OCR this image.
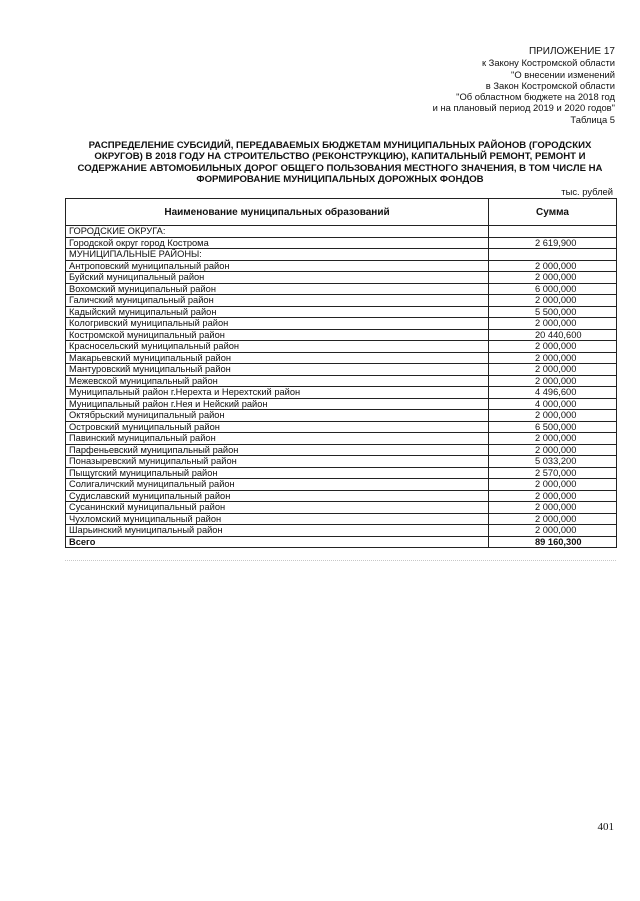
ПРИЛОЖЕНИЕ 17
к Закону Костромской области
"О внесении изменений
в Закон Костромской области
"Об областном бюджете на 2018 год
и на плановый период 2019 и 2020 годов"
Таблица 5
РАСПРЕДЕЛЕНИЕ СУБСИДИЙ, ПЕРЕДАВАЕМЫХ БЮДЖЕТАМ МУНИЦИПАЛЬНЫХ РАЙОНОВ (ГОРОДСКИХ
ОКРУГОВ) В 2018 ГОДУ НА СТРОИТЕЛЬСТВО (РЕКОНСТРУКЦИЮ), КАПИТАЛЬНЫЙ РЕМОНТ, РЕМОНТ И
СОДЕРЖАНИЕ АВТОМОБИЛЬНЫХ ДОРОГ ОБЩЕГО ПОЛЬЗОВАНИЯ МЕСТНОГО ЗНАЧЕНИЯ, В ТОМ ЧИСЛЕ НА
ФОРМИРОВАНИЕ МУНИЦИПАЛЬНЫХ ДОРОЖНЫХ ФОНДОВ
тыс. рублей
Наименование муниципальных образований	Сумма
ГОРОДСКИЕ ОКРУГА:	
Городской округ город Кострома	2 619,900
МУНИЦИПАЛЬНЫЕ РАЙОНЫ:	
Антроповский муниципальный район	2 000,000
Буйский муниципальный район	2 000,000
Вохомский муниципальный район	6 000,000
Галичский муниципальный район	2 000,000
Кадыйский муниципальный район	5 500,000
Кологривский муниципальный район	2 000,000
Костромской муниципальный район	20 440,600
Красносельский муниципальный район	2 000,000
Макарьевский муниципальный район	2 000,000
Мантуровский муниципальный район	2 000,000
Межевской муниципальный район	2 000,000
Муниципальный район г.Нерехта и Нерехтский район	4 496,600
Муниципальный район г.Нея и Нейский район	4 000,000
Октябрьский муниципальный район	2 000,000
Островский муниципальный район	6 500,000
Павинский муниципальный район	2 000,000
Парфеньевский муниципальный район	2 000,000
Поназыревский муниципальный район	5 033,200
Пыщугский муниципальный район	2 570,000
Солигаличский муниципальный район	2 000,000
Судиславский муниципальный район	2 000,000
Сусанинский муниципальный район	2 000,000
Чухломский муниципальный район	2 000,000
Шарьинский муниципальный район	2 000,000
Всего	89 160,300
401
